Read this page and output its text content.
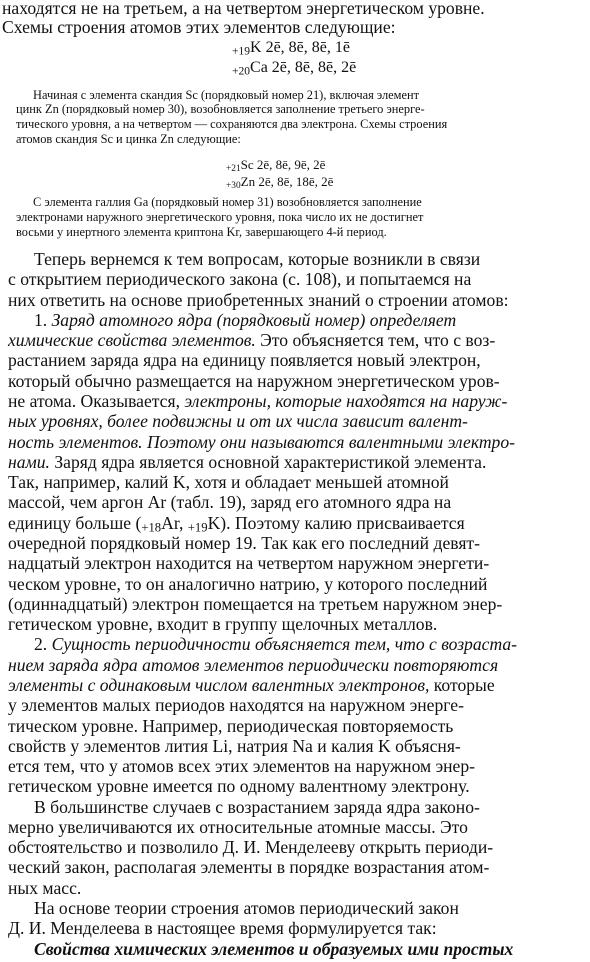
находятся не на третьем, а на четвертом энергетическом уровне.
Схемы строения атомов этих элементов следующие:
$_{+19}$K 2ē, 8ē, 8ē, 1ē
$_{+20}$Ca 2ē, 8ē, 8ē, 2ē
Начиная с элемента скандия Sc (порядковый номер 21), включая элемент
цинк Zn (порядковый номер 30), возобновляется заполнение третьего энерге-
тического уровня, а на четвертом — сохраняются два электрона. Схемы строения
атомов скандия Sc и цинка Zn следующие:
$_{+21}$Sc 2ē, 8ē, 9ē, 2ē
$_{+30}$Zn 2ē, 8ē, 18ē, 2ē
С элемента галлия Ga (порядковый номер 31) возобновляется заполнение
электронами наружного энергетического уровня, пока число их не достигнет
восьми у инертного элемента криптона Kr, завершающего 4-й период.
Теперь вернемся к тем вопросам, которые возникли в связи
с открытием периодического закона (с. 108), и попытаемся на
них ответить на основе приобретенных знаний о строении атомов:
1. Заряд атомного ядра (порядковый номер) определяет
химические свойства элементов. Это объясняется тем, что с воз-
растанием заряда ядра на единицу появляется новый электрон,
который обычно размещается на наружном энергетическом уров-
не атома. Оказывается, электроны, которые находятся на наруж-
ных уровнях, более подвижны и от их числа зависит валент-
ность элементов. Поэтому они называются валентными электро-
нами. Заряд ядра является основной характеристикой элемента.
Так, например, калий K, хотя и обладает меньшей атомной
массой, чем аргон Ar (табл. 19), заряд его атомного ядра на
единицу больше ($_{+18}Ar$, $_{+19}$K). Поэтому калию присваивается
очередной порядковый номер 19. Так как его последний девят-
надцатый электрон находится на четвертом наружном энергети-
ческом уровне, то он аналогично натрию, у которого последний
(одиннадцатый) электрон помещается на третьем наружном энер-
гетическом уровне, входит в группу щелочных металлов.
2. Сущность периодичности объясняется тем, что с возраста-
нием заряда ядра атомов элементов периодически повторяются
элементы с одинаковым числом валентных электронов, которые
у элементов малых периодов находятся на наружном энерге-
тическом уровне. Например, периодическая повторяемость
свойств у элементов лития Li, натрия Na и калия K объясня-
ется тем, что у атомов всех этих элементов на наружном энер-
гетическом уровне имеется по одному валентному электрону.
В большинстве случаев с возрастанием заряда ядра законо-
мерно увеличиваются их относительные атомные массы. Это
обстоятельство и позволило Д. И. Менделееву открыть периоди-
ческий закон, располагая элементы в порядке возрастания атом-
ных масс.
На основе теории строения атомов периодический закон
Д. И. Менделеева в настоящее время формулируется так:
Свойства химических элементов и образуемых ими простых
